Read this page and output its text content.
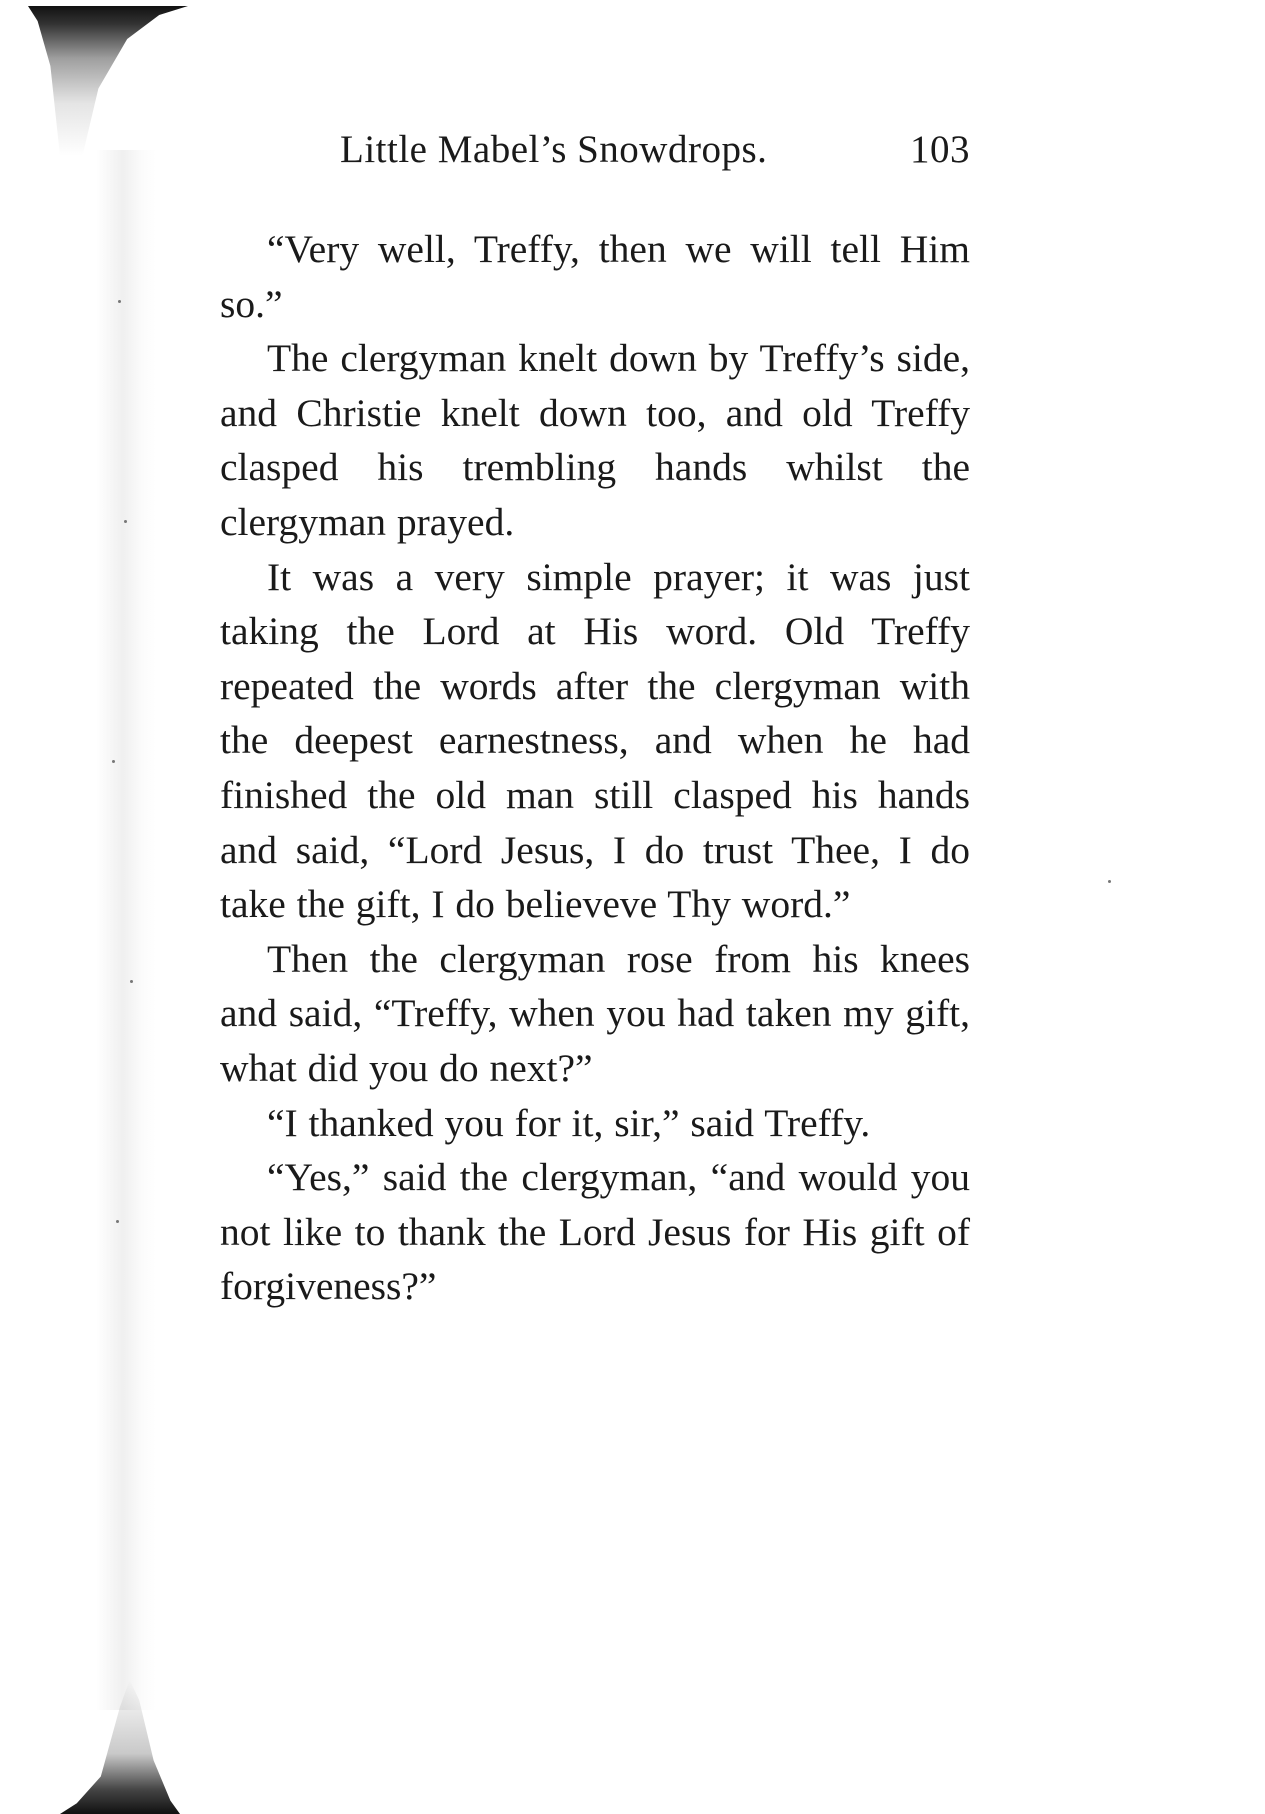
Little Mabel’s Snowdrops.	103

“Very well, Treffy, then we will tell Him so.”

The clergyman knelt down by Treffy’s side, and Christie knelt down too, and old Treffy clasped his trembling hands whilst the clergyman prayed.

It was a very simple prayer; it was just taking the Lord at His word. Old Treffy repeated the words after the clergyman with the deepest earnestness, and when he had finished the old man still clasped his hands and said, “Lord Jesus, I do trust Thee, I do take the gift, I do believeve Thy word.”

Then the clergyman rose from his knees and said, “Treffy, when you had taken my gift, what did you do next?”

“I thanked you for it, sir,” said Treffy.

“Yes,” said the clergyman, “and would you not like to thank the Lord Jesus for His gift of forgiveness?”
